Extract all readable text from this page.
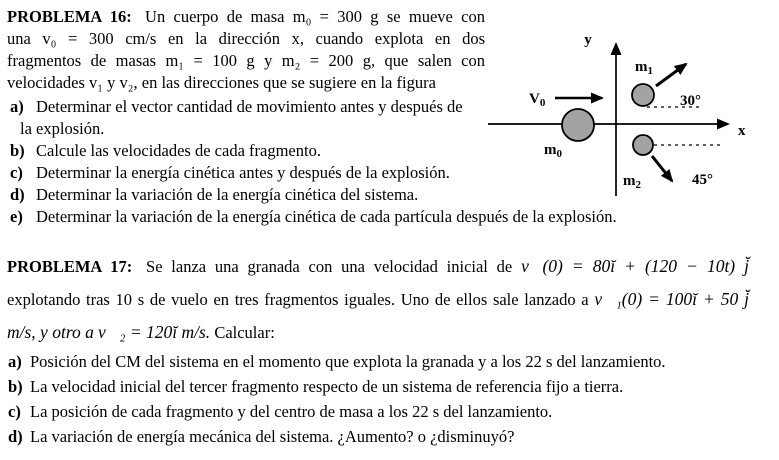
PROBLEMA 16: Un cuerpo de masa m₀ = 300 g se mueve con
una v₀ = 300 cm/s en la dirección x, cuando explota en dos
fragmentos de masas m₁ = 100 g y m₂ = 200 g, que salen con
velocidades v₁ y v₂, en las direcciones que se sugiere en la figura
a) Determinar el vector cantidad de movimiento antes y después de
la explosión.
b) Calcule las velocidades de cada fragmento.
c) Determinar la energía cinética antes y después de la explosión.
d) Determinar la variación de la energía cinética del sistema.
e) Determinar la variación de la energía cinética de cada partícula después de la explosión.
y
x
$V_0$
$m_0$
$m_1$
$m_2$
30°
45°
PROBLEMA 17: Se lanza una granada con una velocidad inicial de v⃗(0) = 80ĭ + (120 − 10t) j̆
explotando tras 10 s de vuelo en tres fragmentos iguales. Uno de ellos sale lanzado a v⃗₁(0) = 100ĭ + 50 j̆
m/s, y otro a v⃗₂ = 120ĭ m/s. Calcular:
a) Posición del CM del sistema en el momento que explota la granada y a los 22 s del lanzamiento.
b) La velocidad inicial del tercer fragmento respecto de un sistema de referencia fijo a tierra.
c) La posición de cada fragmento y del centro de masa a los 22 s del lanzamiento.
d) La variación de energía mecánica del sistema. ¿Aumento? o ¿disminuyó?
